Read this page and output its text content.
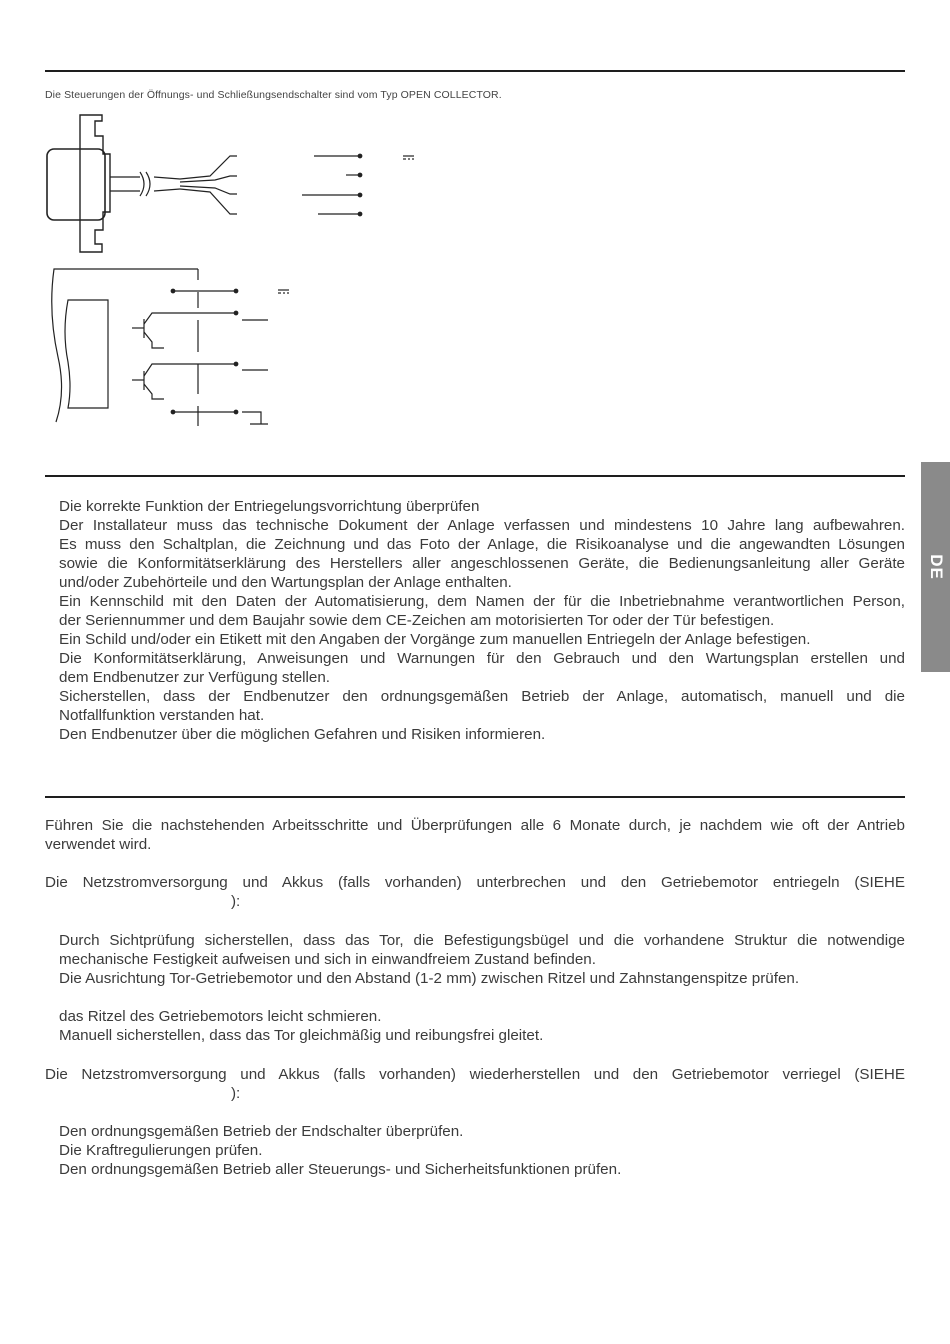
Die Steuerungen der Öffnungs- und Schließungsendschalter sind vom Typ OPEN COLLECTOR.
Die korrekte Funktion der Entriegelungsvorrichtung überprüfen
Der Installateur muss das technische Dokument der Anlage verfassen und mindestens 10 Jahre lang aufbewahren.
Es muss den Schaltplan, die Zeichnung und das Foto der Anlage, die Risikoanalyse und die angewandten Lösungen
sowie die Konformitätserklärung des Herstellers aller angeschlossenen Geräte, die Bedienungsanleitung aller Geräte
und/oder Zubehörteile und den Wartungsplan der Anlage enthalten.
Ein Kennschild mit den Daten der Automatisierung, dem Namen der für die Inbetriebnahme verantwortlichen Person,
der Seriennummer und dem Baujahr sowie dem CE-Zeichen am motorisierten Tor oder der Tür befestigen.
Ein Schild und/oder ein Etikett mit den Angaben der Vorgänge zum manuellen Entriegeln der Anlage befestigen.
Die Konformitätserklärung, Anweisungen und Warnungen für den Gebrauch und den Wartungsplan erstellen und
dem Endbenutzer zur Verfügung stellen.
Sicherstellen, dass der Endbenutzer den ordnungsgemäßen Betrieb der Anlage, automatisch, manuell und die
Notfallfunktion verstanden hat.
Den Endbenutzer über die möglichen Gefahren und Risiken informieren.
Führen Sie die nachstehenden Arbeitsschritte und Überprüfungen alle 6 Monate durch, je nachdem wie oft der Antrieb
verwendet wird.
Die Netzstromversorgung und Akkus (falls vorhanden) unterbrechen und den Getriebemotor entriegeln (SIEHE
):
Durch Sichtprüfung sicherstellen, dass das Tor, die Befestigungsbügel und die vorhandene Struktur die notwendige
mechanische Festigkeit aufweisen und sich in einwandfreiem Zustand befinden.
Die Ausrichtung Tor-Getriebemotor und den Abstand (1-2 mm) zwischen Ritzel und Zahnstangenspitze prüfen.
das Ritzel des Getriebemotors leicht schmieren.
Manuell sicherstellen, dass das Tor gleichmäßig und reibungsfrei gleitet.
Die Netzstromversorgung und Akkus (falls vorhanden) wiederherstellen und den Getriebemotor verriegel (SIEHE
):
Den ordnungsgemäßen Betrieb der Endschalter überprüfen.
Die Kraftregulierungen prüfen.
Den ordnungsgemäßen Betrieb aller Steuerungs- und Sicherheitsfunktionen prüfen.
DE
